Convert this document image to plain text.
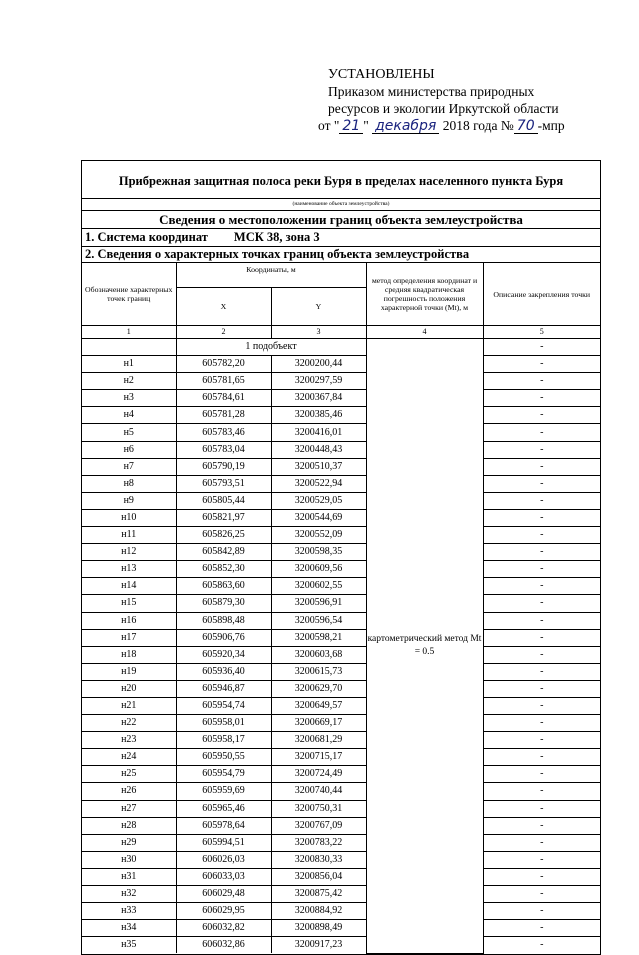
УСТАНОВЛЕНЫ
Приказом министерства природных
ресурсов и экологии Иркутской области
от " 21 " декабря 2018 года № 70 -мпр
Прибрежная защитная полоса реки Буря в пределах населенного пункта Буря
(наименование объекта землеустройства)
Сведения о местоположении границ объекта землеустройства
1. Система координат МСК 38, зона 3
2. Сведения о характерных точках границ объекта землеустройства
Обозначение характерных точек границ	Координаты, м		метод определения координат и средняя квадратическая погрешность положения характерной точки (Mt), м	Описание закрепления точки
	X	Y		
1	2	3	4	5
	1 подобъект		картометрический метод Mt = 0.5	-
н1	605782,20	3200200,44		-
н2	605781,65	3200297,59		-
н3	605784,61	3200367,84		-
н4	605781,28	3200385,46		-
н5	605783,46	3200416,01		-
н6	605783,04	3200448,43		-
н7	605790,19	3200510,37		-
н8	605793,51	3200522,94		-
н9	605805,44	3200529,05		-
н10	605821,97	3200544,69		-
н11	605826,25	3200552,09		-
н12	605842,89	3200598,35		-
н13	605852,30	3200609,56		-
н14	605863,60	3200602,55		-
н15	605879,30	3200596,91		-
н16	605898,48	3200596,54		-
н17	605906,76	3200598,21		-
н18	605920,34	3200603,68		-
н19	605936,40	3200615,73		-
н20	605946,87	3200629,70		-
н21	605954,74	3200649,57		-
н22	605958,01	3200669,17		-
н23	605958,17	3200681,29		-
н24	605950,55	3200715,17		-
н25	605954,79	3200724,49		-
н26	605959,69	3200740,44		-
н27	605965,46	3200750,31		-
н28	605978,64	3200767,09		-
н29	605994,51	3200783,22		-
н30	606026,03	3200830,33		-
н31	606033,03	3200856,04		-
н32	606029,48	3200875,42		-
н33	606029,95	3200884,92		-
н34	606032,82	3200898,49		-
н35	606032,86	3200917,23		-
